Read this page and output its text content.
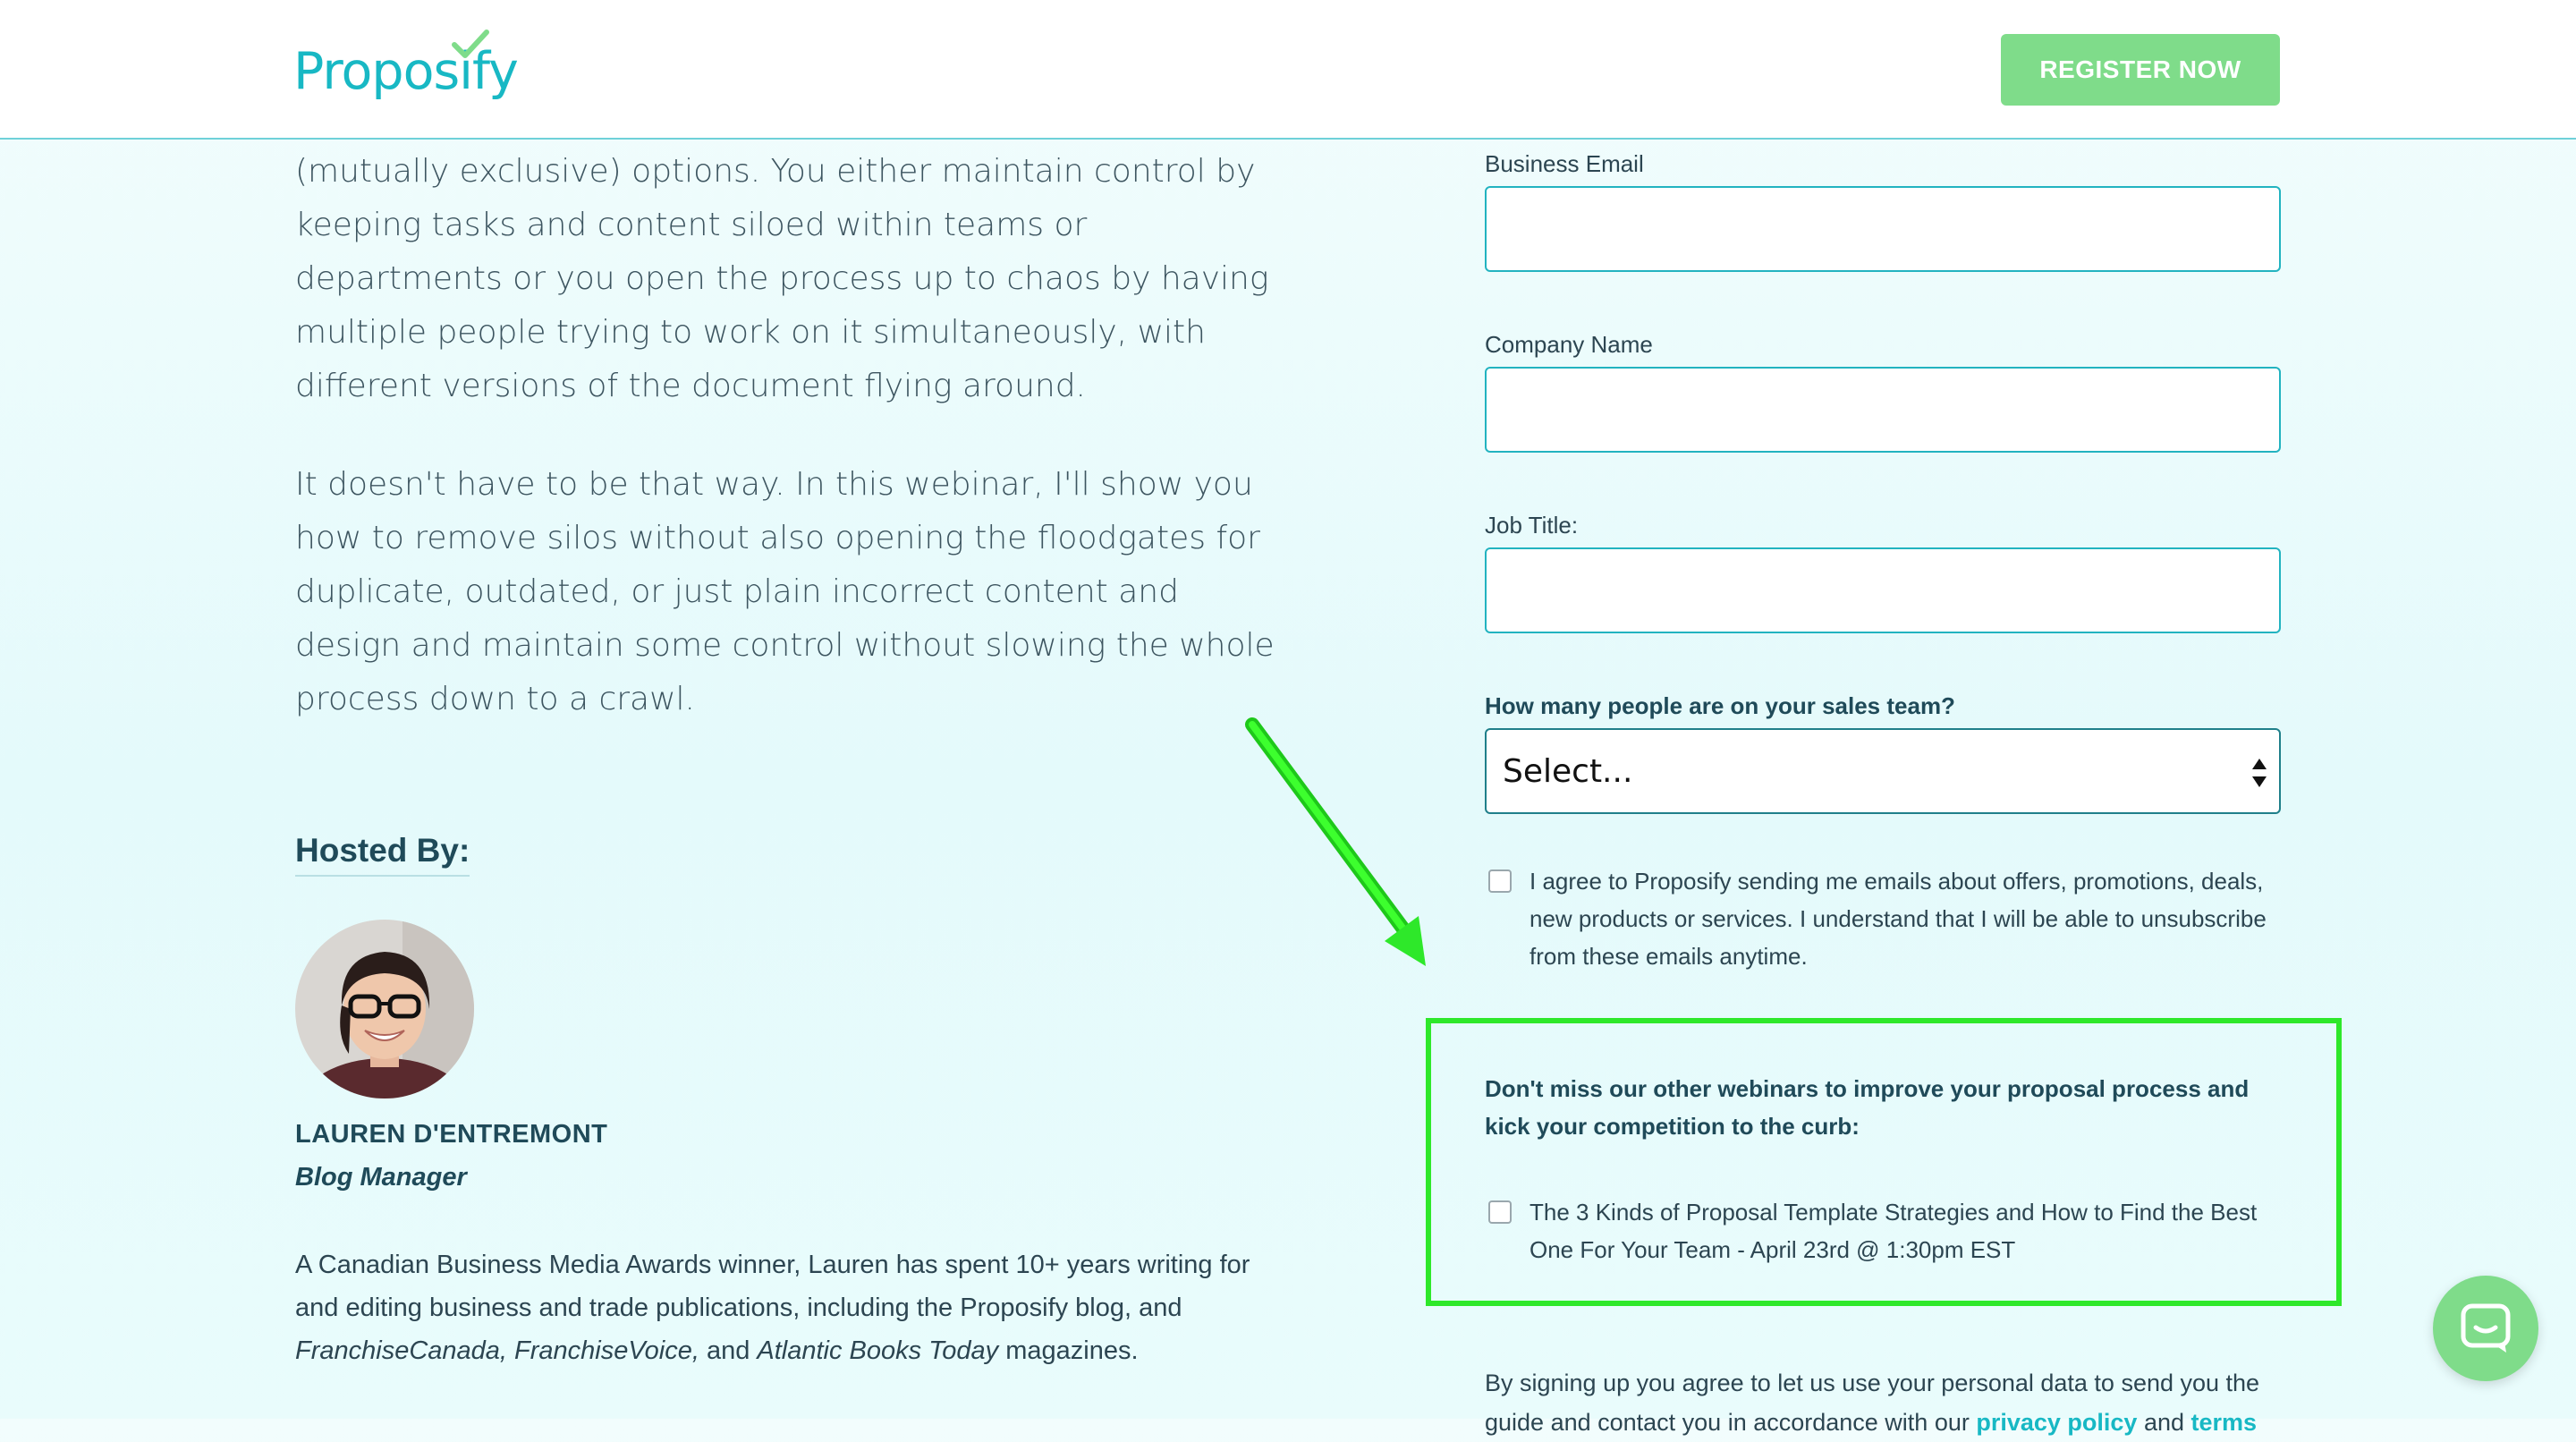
Proposify	REGISTER NOW

(mutually exclusive) options. You either maintain control by keeping tasks and content siloed within teams or departments or you open the process up to chaos by having multiple people trying to work on it simultaneously, with different versions of the document flying around.

It doesn't have to be that way. In this webinar, I'll show you how to remove silos without also opening the floodgates for duplicate, outdated, or just plain incorrect content and design and maintain some control without slowing the whole process down to a crawl.

Hosted By:
LAUREN D'ENTREMONT
Blog Manager
A Canadian Business Media Awards winner, Lauren has spent 10+ years writing for and editing business and trade publications, including the Proposify blog, and FranchiseCanada, FranchiseVoice, and Atlantic Books Today magazines.
Business Email
Company Name
Job Title:
How many people are on your sales team?
Select...
I agree to Proposify sending me emails about offers, promotions, deals, new products or services. I understand that I will be able to unsubscribe from these emails anytime.
Don't miss our other webinars to improve your proposal process and kick your competition to the curb:
The 3 Kinds of Proposal Template Strategies and How to Find the Best One For Your Team - April 23rd @ 1:30pm EST
By signing up you agree to let us use your personal data to send you the guide and contact you in accordance with our privacy policy and terms
